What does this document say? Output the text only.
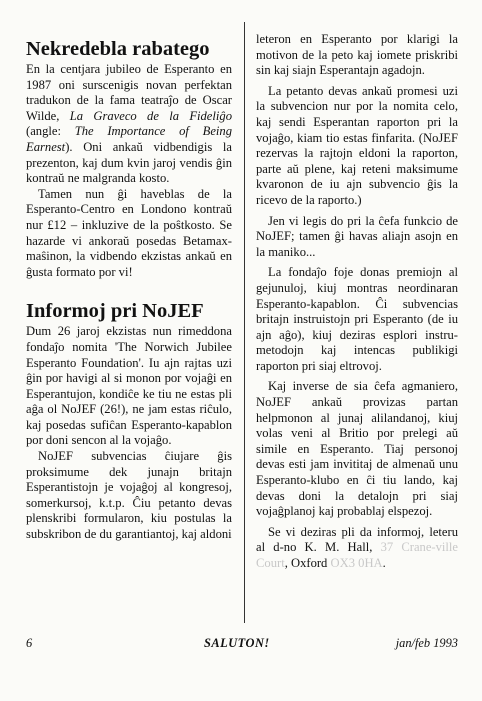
Nekredebla rabatego

En la centjara jubileo de Esperanto en 1987 oni surscenigis novan perfektan tradukon de la fama teatraĵo de Oscar Wilde, La Graveco de la Fideliĝo (angle: The Importance of Being Earnest). Oni ankaŭ vidbendigis la prezenton, kaj dum kvin jaroj vendis ĝin kontraŭ ne malgranda kosto.

Tamen nun ĝi haveblas de la Esperanto-Centro en Londono kontraŭ nur £12 – inkluzive de la poŝtkosto. Se hazarde vi ankoraŭ posedas Betamax-maŝinon, la vidbendo ekzistas ankaŭ en ĝusta formato por vi!

Informoj pri NoJEF

Dum 26 jaroj ekzistas nun rimeddona fondaĵo nomita 'The Norwich Jubilee Esperanto Foundation'. Iu ajn rajtas uzi ĝin por havigi al si monon por vojaĝi en Esperantujon, kondiĉe ke tiu ne estas pli aĝa ol NoJEF (26!), ne jam estas riĉulo, kaj posedas sufiĉan Esperanto-kapablon por doni sencon al la vojaĝo.

NoJEF subvencias ĉiujare ĝis proksimume dek junajn britajn Esperantistojn je vojaĝoj al kongresoj, somerkursoj, k.t.p. Ĉiu petanto devas plenskribi formularon, kiu postulas la subskribon de du garantiantoj, kaj aldoni

leteron en Esperanto por klarigi la motivon de la peto kaj iomete priskribi sin kaj siajn Esperantajn agadojn.

La petanto devas ankaŭ promesi uzi la subvencion nur por la nomita celo, kaj sendi Esperantan raporton pri la vojaĝo, kiam tio estas finfarita. (NoJEF rezervas la rajtojn eldoni la raporton, parte aŭ plene, kaj reteni maksimume kvaronon de iu ajn subvencio ĝis la ricevo de la raporto.)

Jen vi legis do pri la ĉefa funkcio de NoJEF; tamen ĝi havas aliajn asojn en la maniko...

La fondaĵo foje donas premiojn al gejunuloj, kiuj montras neordinaran Esperanto-kapablon. Ĉi subvencias britajn instruistojn pri Esperanto (de iu ajn aĝo), kiuj deziras esplori instru-metodojn kaj intencas publikigi raporton pri siaj eltrovoj.

Kaj inverse de sia ĉefa agmaniero, NoJEF ankaŭ provizas partan helpmonon al junaj alilandanoj, kiuj volas veni al Britio por prelegi aŭ simile en Esperanto. Tiaj personoj devas esti jam invititaj de almenaŭ unu Esperanto-klubo en ĉi tiu lando, kaj devas doni la detalojn pri siaj vojaĝplanoj kaj probablaj elspezoj.

Se vi deziras pli da informoj, leteru al d-no K. M. Hall, 37 Crane-ville Court, Oxford OX3 0HA.

6	SALUTON!	jan/feb 1993
